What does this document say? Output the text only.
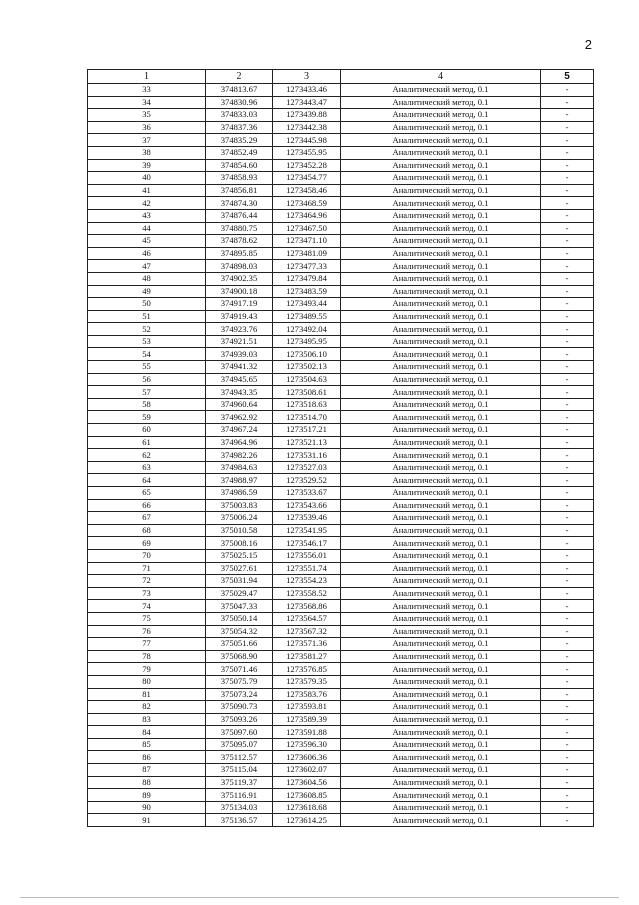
2
1	2	3	4	5
33	374813.67	1273433.46	Аналитический метод, 0.1	-
34	374830.96	1273443.47	Аналитический метод, 0.1	-
35	374833.03	1273439.88	Аналитический метод, 0.1	-
36	374837.36	1273442.38	Аналитический метод, 0.1	-
37	374835.29	1273445.98	Аналитический метод, 0.1	-
38	374852.49	1273455.95	Аналитический метод, 0.1	-
39	374854.60	1273452.28	Аналитический метод, 0.1	-
40	374858.93	1273454.77	Аналитический метод, 0.1	-
41	374856.81	1273458.46	Аналитический метод, 0.1	-
42	374874.30	1273468.59	Аналитический метод, 0.1	-
43	374876.44	1273464.96	Аналитический метод, 0.1	-
44	374880.75	1273467.50	Аналитический метод, 0.1	-
45	374878.62	1273471.10	Аналитический метод, 0.1	-
46	374895.85	1273481.09	Аналитический метод, 0.1	-
47	374898.03	1273477.33	Аналитический метод, 0.1	-
48	374902.35	1273479.84	Аналитический метод, 0.1	-
49	374900.18	1273483.59	Аналитический метод, 0.1	-
50	374917.19	1273493.44	Аналитический метод, 0.1	-
51	374919.43	1273489.55	Аналитический метод, 0.1	-
52	374923.76	1273492.04	Аналитический метод, 0.1	-
53	374921.51	1273495.95	Аналитический метод, 0.1	-
54	374939.03	1273506.10	Аналитический метод, 0.1	-
55	374941.32	1273502.13	Аналитический метод, 0.1	-
56	374945.65	1273504.63	Аналитический метод, 0.1	-
57	374943.35	1273508.61	Аналитический метод, 0.1	-
58	374960.64	1273518.63	Аналитический метод, 0.1	-
59	374962.92	1273514.70	Аналитический метод, 0.1	-
60	374967.24	1273517.21	Аналитический метод, 0.1	-
61	374964.96	1273521.13	Аналитический метод, 0.1	-
62	374982.26	1273531.16	Аналитический метод, 0.1	-
63	374984.63	1273527.03	Аналитический метод, 0.1	-
64	374988.97	1273529.52	Аналитический метод, 0.1	-
65	374986.59	1273533.67	Аналитический метод, 0.1	-
66	375003.83	1273543.66	Аналитический метод, 0.1	-
67	375006.24	1273539.46	Аналитический метод, 0.1	-
68	375010.58	1273541.95	Аналитический метод, 0.1	-
69	375008.16	1273546.17	Аналитический метод, 0.1	-
70	375025.15	1273556.01	Аналитический метод, 0.1	-
71	375027.61	1273551.74	Аналитический метод, 0.1	-
72	375031.94	1273554.23	Аналитический метод, 0.1	-
73	375029.47	1273558.52	Аналитический метод, 0.1	-
74	375047.33	1273568.86	Аналитический метод, 0.1	-
75	375050.14	1273564.57	Аналитический метод, 0.1	-
76	375054.32	1273567.32	Аналитический метод, 0.1	-
77	375051.66	1273571.36	Аналитический метод, 0.1	-
78	375068.90	1273581.27	Аналитический метод, 0.1	-
79	375071.46	1273576.85	Аналитический метод, 0.1	-
80	375075.79	1273579.35	Аналитический метод, 0.1	-
81	375073.24	1273583.76	Аналитический метод, 0.1	-
82	375090.73	1273593.81	Аналитический метод, 0.1	-
83	375093.26	1273589.39	Аналитический метод, 0.1	-
84	375097.60	1273591.88	Аналитический метод, 0.1	-
85	375095.07	1273596.30	Аналитический метод, 0.1	-
86	375112.57	1273606.36	Аналитический метод, 0.1	-
87	375115.04	1273602.07	Аналитический метод, 0.1	-
88	375119.37	1273604.56	Аналитический метод, 0.1	-
89	375116.91	1273608.85	Аналитический метод, 0.1	-
90	375134.03	1273618.68	Аналитический метод, 0.1	-
91	375136.57	1273614.25	Аналитический метод, 0.1	-
